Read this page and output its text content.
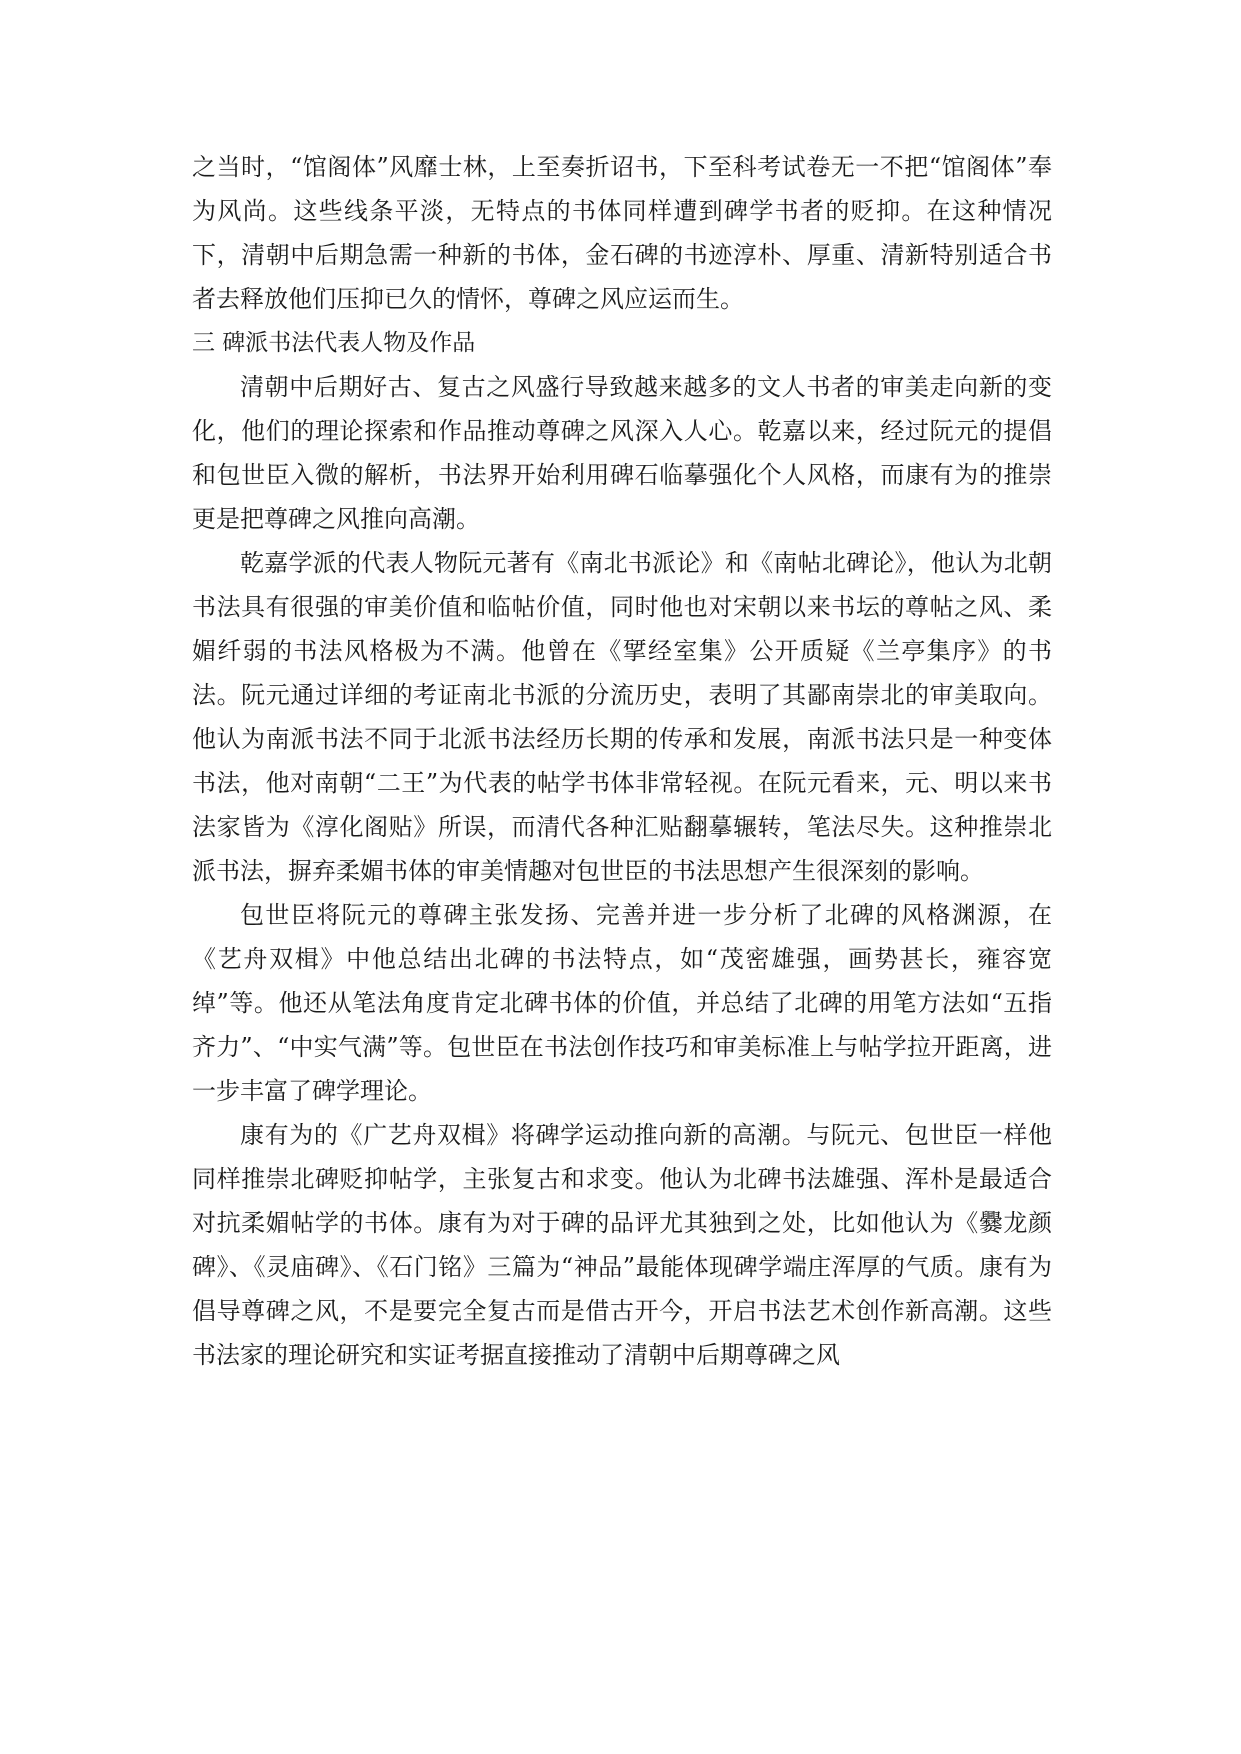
之当时，“馆阁体”风靡士林，上至奏折诏书，下至科考试卷无一不把“馆阁体”奉为风尚。这些线条平淡，无特点的书体同样遭到碑学书者的贬抑。在这种情况下，清朝中后期急需一种新的书体，金石碑的书迹淳朴、厚重、清新特别适合书者去释放他们压抑已久的情怀，尊碑之风应运而生。

三 碑派书法代表人物及作品

清朝中后期好古、复古之风盛行导致越来越多的文人书者的审美走向新的变化，他们的理论探索和作品推动尊碑之风深入人心。乾嘉以来，经过阮元的提倡和包世臣入微的解析，书法界开始利用碑石临摹强化个人风格，而康有为的推崇更是把尊碑之风推向高潮。

乾嘉学派的代表人物阮元著有《南北书派论》和《南帖北碑论》，他认为北朝书法具有很强的审美价值和临帖价值，同时他也对宋朝以来书坛的尊帖之风、柔媚纤弱的书法风格极为不满。他曾在《揅经室集》公开质疑《兰亭集序》的书法。阮元通过详细的考证南北书派的分流历史，表明了其鄙南崇北的审美取向。他认为南派书法不同于北派书法经历长期的传承和发展，南派书法只是一种变体书法，他对南朝“二王”为代表的帖学书体非常轻视。在阮元看来，元、明以来书法家皆为《淳化阁贴》所误，而清代各种汇贴翻摹辗转，笔法尽失。这种推崇北派书法，摒弃柔媚书体的审美情趣对包世臣的书法思想产生很深刻的影响。

包世臣将阮元的尊碑主张发扬、完善并进一步分析了北碑的风格渊源，在《艺舟双楫》中他总结出北碑的书法特点，如“茂密雄强，画势甚长，雍容宽绰”等。他还从笔法角度肯定北碑书体的价值，并总结了北碑的用笔方法如“五指齐力”、“中实气满”等。包世臣在书法创作技巧和审美标准上与帖学拉开距离，进一步丰富了碑学理论。

康有为的《广艺舟双楫》将碑学运动推向新的高潮。与阮元、包世臣一样他同样推崇北碑贬抑帖学，主张复古和求变。他认为北碑书法雄强、浑朴是最适合对抗柔媚帖学的书体。康有为对于碑的品评尤其独到之处，比如他认为《爨龙颜碑》、《灵庙碑》、《石门铭》三篇为“神品”最能体现碑学端庄浑厚的气质。康有为倡导尊碑之风，不是要完全复古而是借古开今，开启书法艺术创作新高潮。这些书法家的理论研究和实证考据直接推动了清朝中后期尊碑之风
